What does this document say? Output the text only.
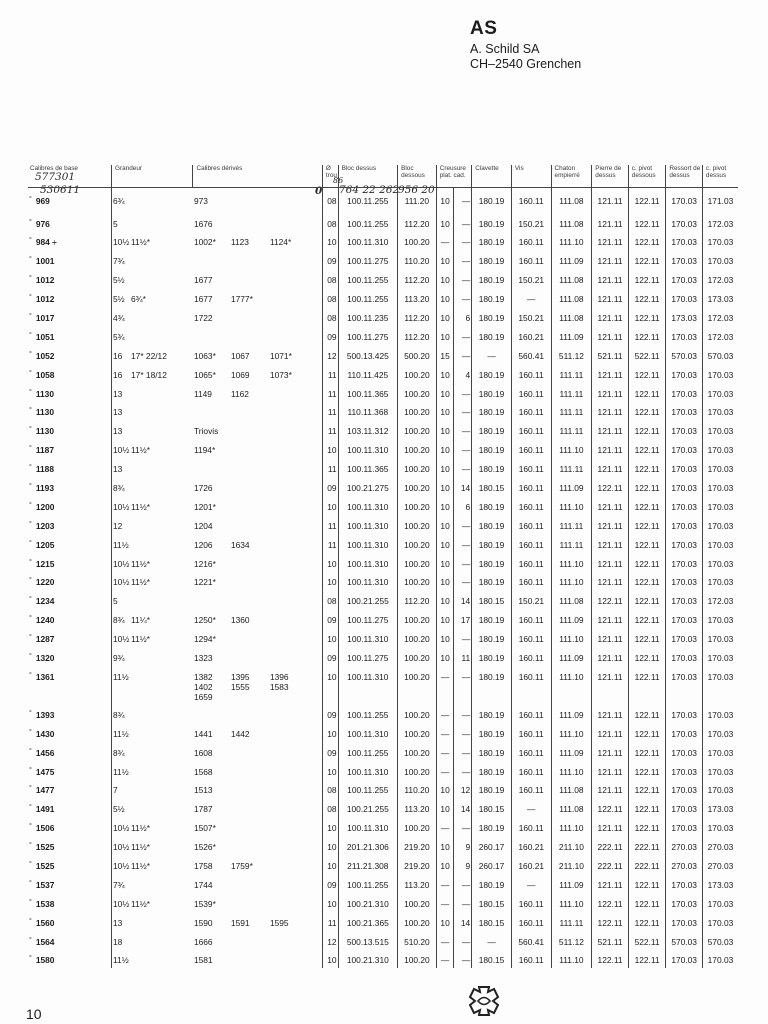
AS
A. Schild SA
CH–2540 Grenchen
577301
530611	0
86
764 22 262
956 20
Calibres de base	Grandeur	Calibres dérivés	Ø trou	Bloc dessus	Bloc dessous	Creusure plat. cad.		Clavette	Vis	Chaton empierré	Pierre de dessus	c. pivot dessous	Ressort de dessus	c. pivot dessus
° 969	6¾	973	08	100.11.255	111.20	10	—	180.19	160.11	111.08	121.11	122.11	170.03	171.03
° 976	5	1676	08	100.11.255	112.20	10	—	180.19	150.21	111.08	121.11	122.11	170.03	172.03
° 984 ÷	10½ 11½*	1002* 1123 1124*	10	100.11.310	100.20	—	—	180.19	160.11	111.10	121.11	122.11	170.03	170.03
° 1001	7¾		09	100.11.275	110.20	10	—	180.19	160.11	111.09	121.11	122.11	170.03	170.03
° 1012	5½	1677	08	100.11.255	112.20	10	—	180.19	150.21	111.08	121.11	122.11	170.03	172.03
° 1012	5½ 6¾*	1677 1777*	08	100.11.255	113.20	10	—	180.19	—	111.08	121.11	122.11	170.03	173.03
° 1017	4¾	1722	08	100.11.235	112.20	10	6	180.19	150.21	111.08	121.11	122.11	173.03	172.03
° 1051	5¾		09	100.11.275	112.20	10	—	180.19	160.21	111.09	121.11	122.11	170.03	172.03
° 1052	16 17* 22/12	1063* 1067 1071*	12	500.13.425	500.20	15	—	—	560.41	511.12	521.11	522.11	570.03	570.03
° 1058	16 17* 18/12	1065* 1069 1073*	11	110.11.425	100.20	10	4	180.19	160.11	111.11	121.11	122.11	170.03	170.03
° 1130	13	1149 1162	11	100.11.365	100.20	10	—	180.19	160.11	111.11	121.11	122.11	170.03	170.03
° 1130	13		11	110.11.368	100.20	10	—	180.19	160.11	111.11	121.11	122.11	170.03	170.03
° 1130	13	Triovis	11	103.11.312	100.20	10	—	180.19	160.11	111.11	121.11	122.11	170.03	170.03
° 1187	10½ 11½*	1194*	10	100.11.310	100.20	10	—	180.19	160.11	111.10	121.11	122.11	170.03	170.03
° 1188	13		11	100.11.365	100.20	10	—	180.19	160.11	111.11	121.11	122.11	170.03	170.03
° 1193	8¾	1726	09	100.21.275	100.20	10	14	180.15	160.11	111.09	122.11	122.11	170.03	170.03
° 1200	10½ 11½*	1201*	10	100.11.310	100.20	10	6	180.19	160.11	111.10	121.11	122.11	170.03	170.03
° 1203	12	1204	11	100.11.310	100.20	10	—	180.19	160.11	111.11	121.11	122.11	170.03	170.03
° 1205	11½	1206 1634	11	100.11.310	100.20	10	—	180.19	160.11	111.11	121.11	122.11	170.03	170.03
° 1215	10½ 11½*	1216*	10	100.11.310	100.20	10	—	180.19	160.11	111.10	121.11	122.11	170.03	170.03
° 1220	10½ 11½*	1221*	10	100.11.310	100.20	10	—	180.19	160.11	111.10	121.11	122.11	170.03	170.03
° 1234	5		08	100.21.255	112.20	10	14	180.15	150.21	111.08	122.11	122.11	170.03	172.03
° 1240	8¾ 11¼*	1250* 1360	09	100.11.275	100.20	10	17	180.19	160.11	111.09	121.11	122.11	170.03	170.03
° 1287	10½ 11½*	1294*	10	100.11.310	100.20	10	—	180.19	160.11	111.10	121.11	122.11	170.03	170.03
° 1320	9¾	1323	09	100.11.275	100.20	10	11	180.19	160.11	111.09	121.11	122.11	170.03	170.03
° 1361	11½	1382 1395 1396
1402 1555 1583
1659	10	100.11.310	100.20	—	—	180.19	160.11	111.10	121.11	122.11	170.03	170.03
° 1393	8¾		09	100.11.255	100.20	—	—	180.19	160.11	111.09	121.11	122.11	170.03	170.03
° 1430	11½	1441 1442	10	100.11.310	100.20	—	—	180.19	160.11	111.10	121.11	122.11	170.03	170.03
° 1456	8¾	1608	09	100.11.255	100.20	—	—	180.19	160.11	111.09	121.11	122.11	170.03	170.03
° 1475	11½	1568	10	100.11.310	100.20	—	—	180.19	160.11	111.10	121.11	122.11	170.03	170.03
° 1477	7	1513	08	100.11.255	110.20	10	12	180.19	160.11	111.08	121.11	122.11	170.03	170.03
° 1491	5½	1787	08	100.21.255	113.20	10	14	180.15	—	111.08	122.11	122.11	170.03	173.03
° 1506	10½ 11½*	1507*	10	100.11.310	100.20	—	—	180.19	160.11	111.10	121.11	122.11	170.03	170.03
° 1525	10½ 11½*	1526*	10	201.21.306	219.20	10	9	260.17	160.21	211.10	222.11	222.11	270.03	270.03
° 1525	10½ 11½*	1758 1759*	10	211.21.308	219.20	10	9	260.17	160.21	211.10	222.11	222.11	270.03	270.03
° 1537	7¾	1744	09	100.11.255	113.20	—	—	180.19	—	111.09	121.11	122.11	170.03	173.03
° 1538	10½ 11½*	1539*	10	100.21.310	100.20	—	—	180.15	160.11	111.10	122.11	122.11	170.03	170.03
° 1560	13	1590 1591 1595	11	100.21.365	100.20	10	14	180.15	160.11	111.11	122.11	122.11	170.03	170.03
° 1564	18	1666	12	500.13.515	510.20	—	—	—	560.41	511.12	521.11	522.11	570.03	570.03
° 1580	11½	1581	10	100.21.310	100.20	—	—	180.15	160.11	111.10	122.11	122.11	170.03	170.03
10
